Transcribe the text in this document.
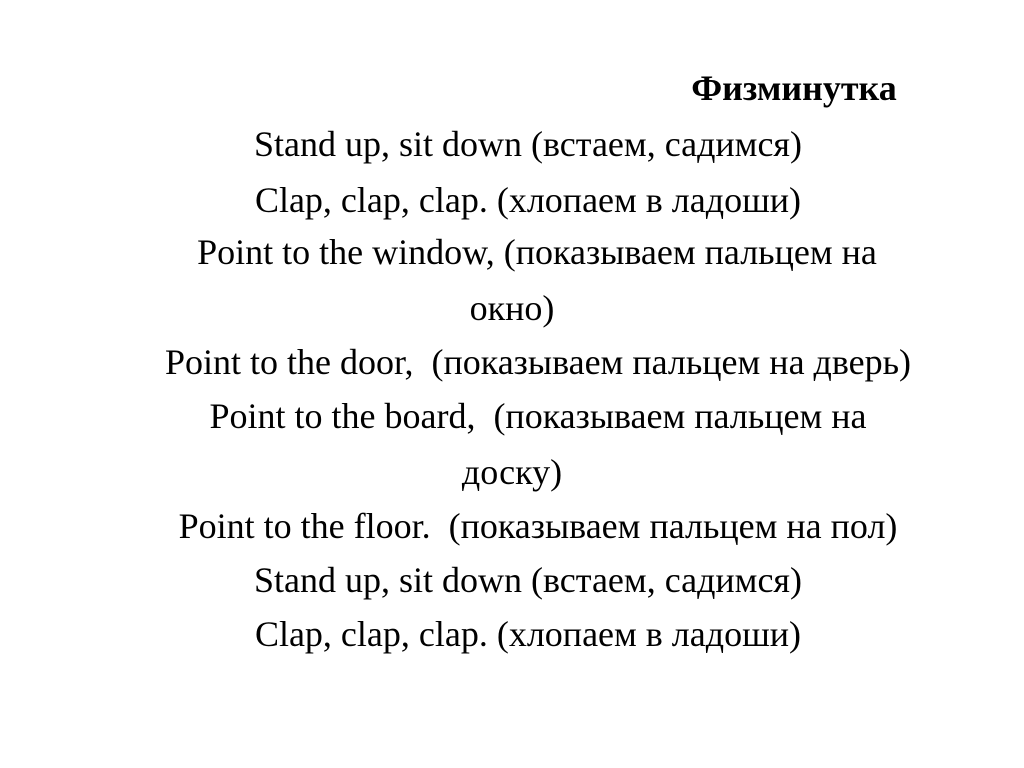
Физминутка
Stand up, sit down (встаем, садимся)
Clap, clap, clap. (хлопаем в ладоши)
Point to the window, (показываем пальцем на
окно)
Point to the door,  (показываем пальцем на дверь)
Point to the board,  (показываем пальцем на
доску)
Point to the floor.  (показываем пальцем на пол)
Stand up, sit down (встаем, садимся)
Clap, clap, clap. (хлопаем в ладоши)
